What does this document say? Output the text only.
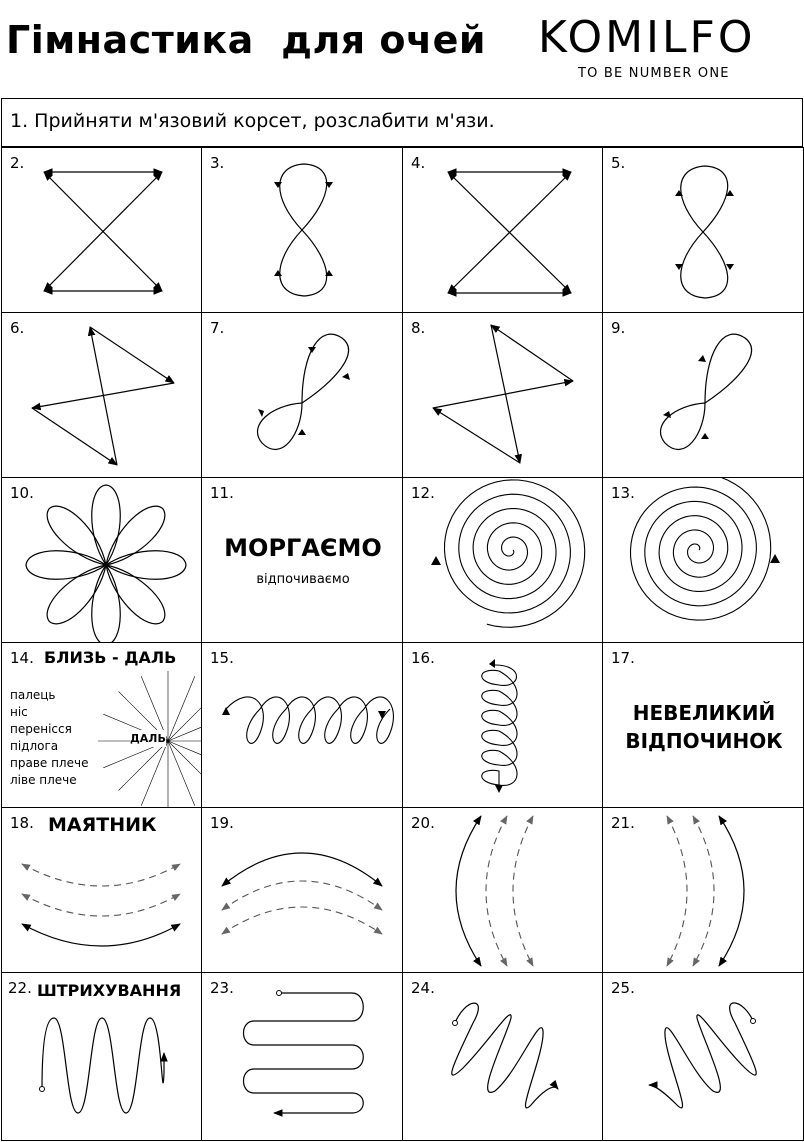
Гімнастика  для очей KOMILFO
TO BE NUMBER ONE
1. Прийняти м'язовий корсет, розслабити м'язи.
2.	3.	4.	5.
6.	7.	8.	9.
10.	11.
МОРГАЄМО
відпочиваємо
12.	13.
14. БЛИЗЬ - ДАЛЬ
ДАЛЬ
палець
ніс
перенісся
підлога
праве плече
ліве плече
15.	16.	17.
НЕВЕЛИКИЙ
ВІДПОЧИНОК
18. МАЯТНИК	19.	20.	21.
22. ШТРИХУВАННЯ 23.	24.	25.
